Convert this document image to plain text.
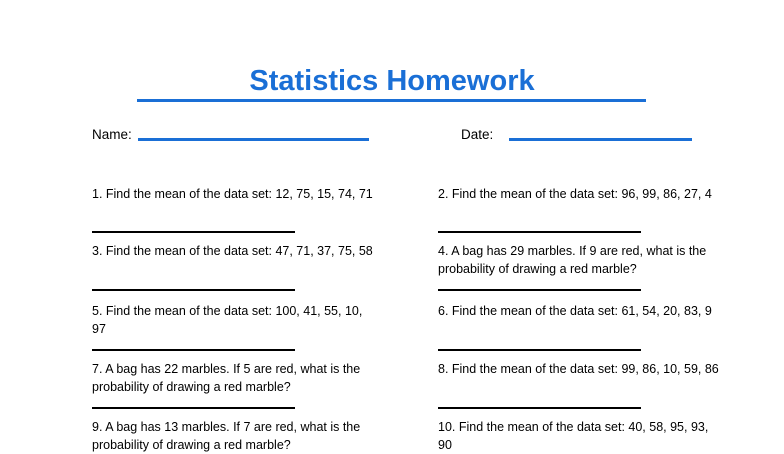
Statistics Homework
Name:	Date:
1. Find the mean of the data set: 12, 75, 15, 74, 71
3. Find the mean of the data set: 47, 71, 37, 75, 58
5. Find the mean of the data set: 100, 41, 55, 10, 97
7. A bag has 22 marbles. If 5 are red, what is the probability of drawing a red marble?
9. A bag has 13 marbles. If 7 are red, what is the probability of drawing a red marble?
2. Find the mean of the data set: 96, 99, 86, 27, 4
4. A bag has 29 marbles. If 9 are red, what is the probability of drawing a red marble?
6. Find the mean of the data set: 61, 54, 20, 83, 9
8. Find the mean of the data set: 99, 86, 10, 59, 86
10. Find the mean of the data set: 40, 58, 95, 93, 90
